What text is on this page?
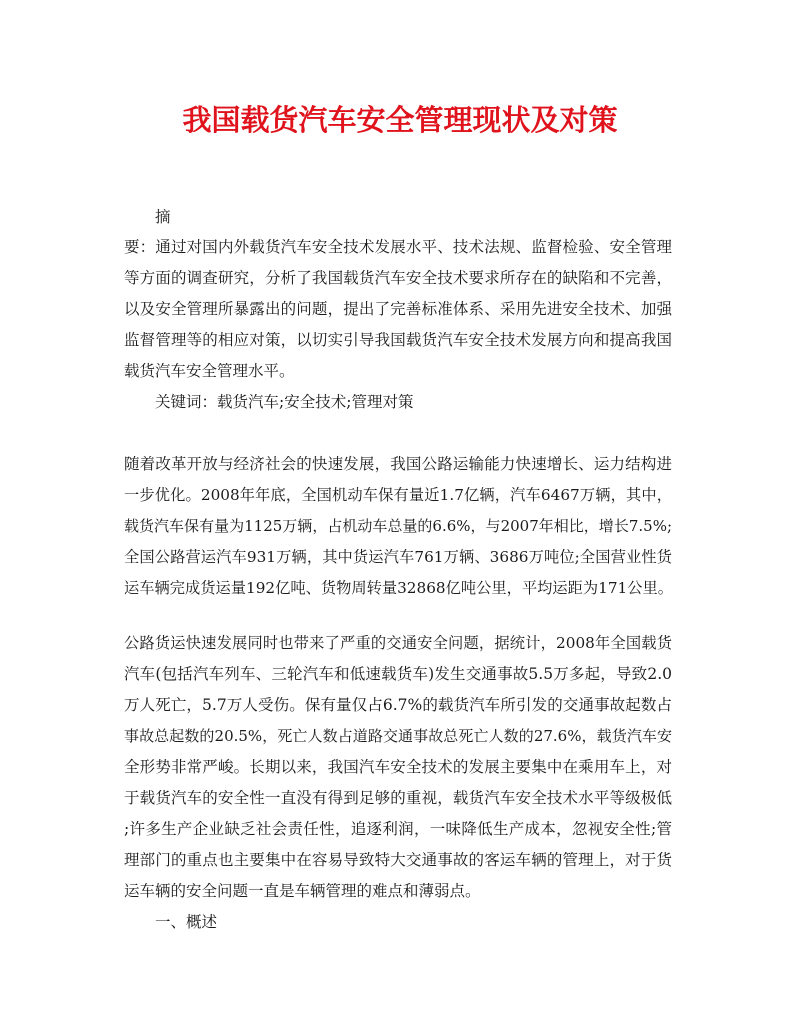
我国载货汽车安全管理现状及对策
摘
要：通过对国内外载货汽车安全技术发展水平、技术法规、监督检验、安全管理
等方面的调查研究，分析了我国载货汽车安全技术要求所存在的缺陷和不完善，
以及安全管理所暴露出的问题，提出了完善标准体系、采用先进安全技术、加强
监督管理等的相应对策，以切实引导我国载货汽车安全技术发展方向和提高我国
载货汽车安全管理水平。
关键词：载货汽车;安全技术;管理对策
随着改革开放与经济社会的快速发展，我国公路运输能力快速增长、运力结构进
一步优化。2008年年底，全国机动车保有量近1.7亿辆，汽车6467万辆，其中，
载货汽车保有量为1125万辆，占机动车总量的6.6%，与2007年相比，增长7.5%;
全国公路营运汽车931万辆，其中货运汽车761万辆、3686万吨位;全国营业性货
运车辆完成货运量192亿吨、货物周转量32868亿吨公里，平均运距为171公里。
公路货运快速发展同时也带来了严重的交通安全问题，据统计，2008年全国载货
汽车(包括汽车列车、三轮汽车和低速载货车)发生交通事故5.5万多起，导致2.0
万人死亡，5.7万人受伤。保有量仅占6.7%的载货汽车所引发的交通事故起数占
事故总起数的20.5%，死亡人数占道路交通事故总死亡人数的27.6%，载货汽车安
全形势非常严峻。长期以来，我国汽车安全技术的发展主要集中在乘用车上，对
于载货汽车的安全性一直没有得到足够的重视，载货汽车安全技术水平等级极低
;许多生产企业缺乏社会责任性，追逐利润，一味降低生产成本，忽视安全性;管
理部门的重点也主要集中在容易导致特大交通事故的客运车辆的管理上，对于货
运车辆的安全问题一直是车辆管理的难点和薄弱点。
一、概述
